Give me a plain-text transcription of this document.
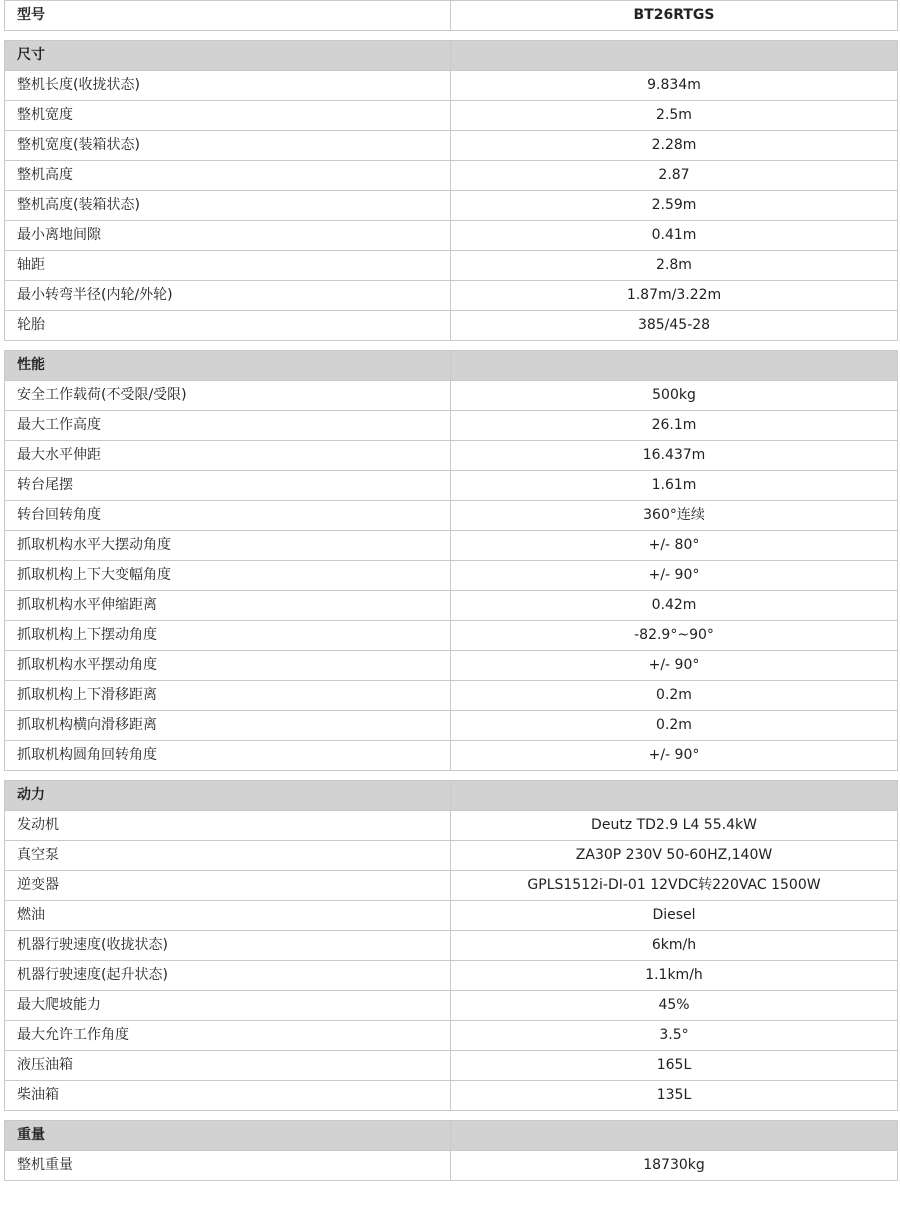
型号	BT26RTGS

尺寸	
整机长度(收拢状态)	9.834m
整机宽度	2.5m
整机宽度(装箱状态)	2.28m
整机高度	2.87
整机高度(装箱状态)	2.59m
最小离地间隙	0.41m
轴距	2.8m
最小转弯半径(内轮/外轮)	1.87m/3.22m
轮胎	385/45-28

性能	
安全工作载荷(不受限/受限)	500kg
最大工作高度	26.1m
最大水平伸距	16.437m
转台尾摆	1.61m
转台回转角度	360°连续
抓取机构水平大摆动角度	+/- 80°
抓取机构上下大变幅角度	+/- 90°
抓取机构水平伸缩距离	0.42m
抓取机构上下摆动角度	-82.9°~90°
抓取机构水平摆动角度	+/- 90°
抓取机构上下滑移距离	0.2m
抓取机构横向滑移距离	0.2m
抓取机构圆角回转角度	+/- 90°

动力	
发动机	Deutz TD2.9 L4 55.4kW
真空泵	ZA30P 230V 50-60HZ,140W
逆变器	GPLS1512i-DI-01 12VDC转220VAC 1500W
燃油	Diesel
机器行驶速度(收拢状态)	6km/h
机器行驶速度(起升状态)	1.1km/h
最大爬坡能力	45%
最大允许工作角度	3.5°
液压油箱	165L
柴油箱	135L

重量	
整机重量	18730kg
